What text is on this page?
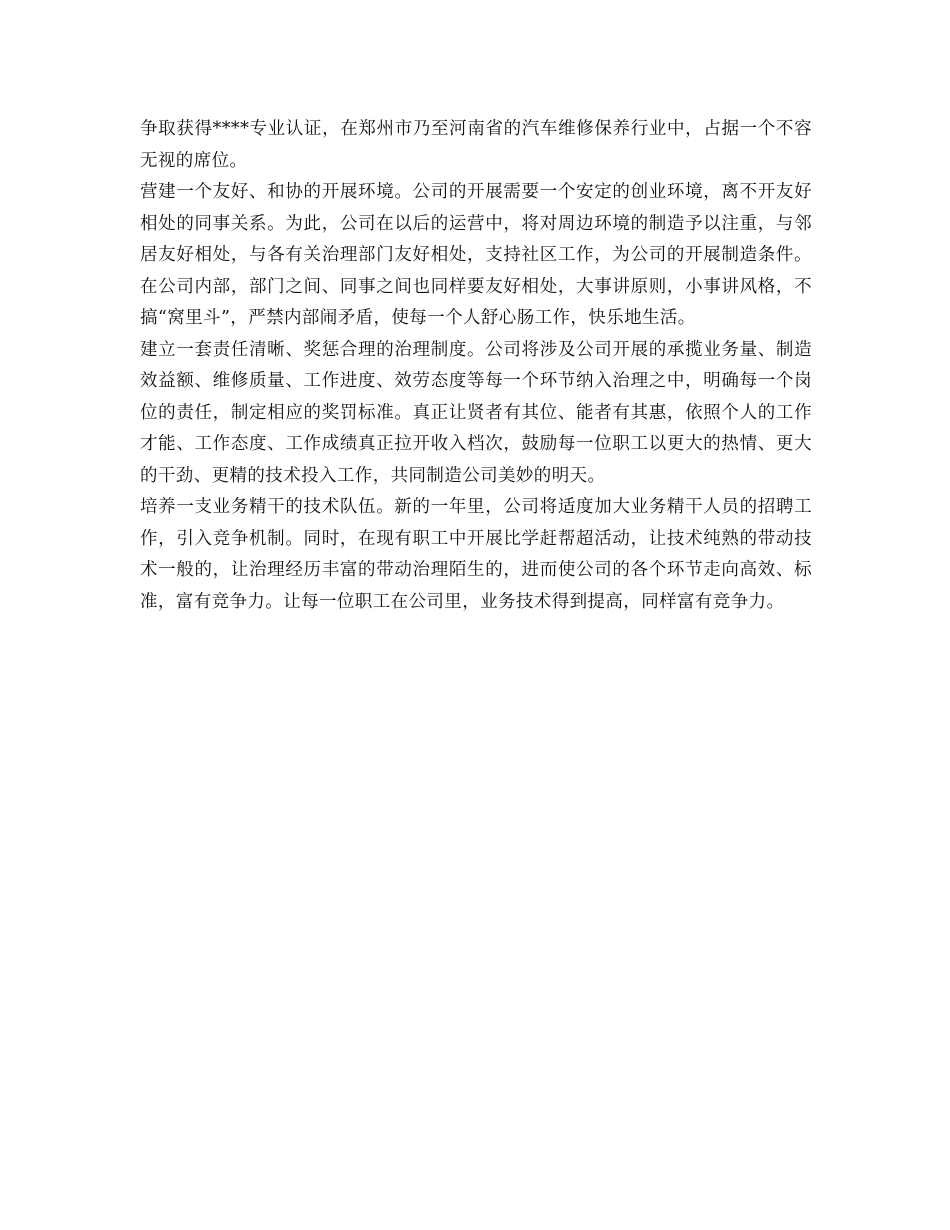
争取获得****专业认证，在郑州市乃至河南省的汽车维修保养行业中，占据一个不容无视的席位。

营建一个友好、和协的开展环境。公司的开展需要一个安定的创业环境，离不开友好相处的同事关系。为此，公司在以后的运营中，将对周边环境的制造予以注重，与邻居友好相处，与各有关治理部门友好相处，支持社区工作，为公司的开展制造条件。在公司内部，部门之间、同事之间也同样要友好相处，大事讲原则，小事讲风格，不搞“窝里斗”，严禁内部闹矛盾，使每一个人舒心肠工作，快乐地生活。

建立一套责任清晰、奖惩合理的治理制度。公司将涉及公司开展的承揽业务量、制造效益额、维修质量、工作进度、效劳态度等每一个环节纳入治理之中，明确每一个岗位的责任，制定相应的奖罚标准。真正让贤者有其位、能者有其惠，依照个人的工作才能、工作态度、工作成绩真正拉开收入档次，鼓励每一位职工以更大的热情、更大的干劲、更精的技术投入工作，共同制造公司美妙的明天。

培养一支业务精干的技术队伍。新的一年里，公司将适度加大业务精干人员的招聘工作，引入竞争机制。同时，在现有职工中开展比学赶帮超活动，让技术纯熟的带动技术一般的，让治理经历丰富的带动治理陌生的，进而使公司的各个环节走向高效、标准，富有竞争力。让每一位职工在公司里，业务技术得到提高，同样富有竞争力。
